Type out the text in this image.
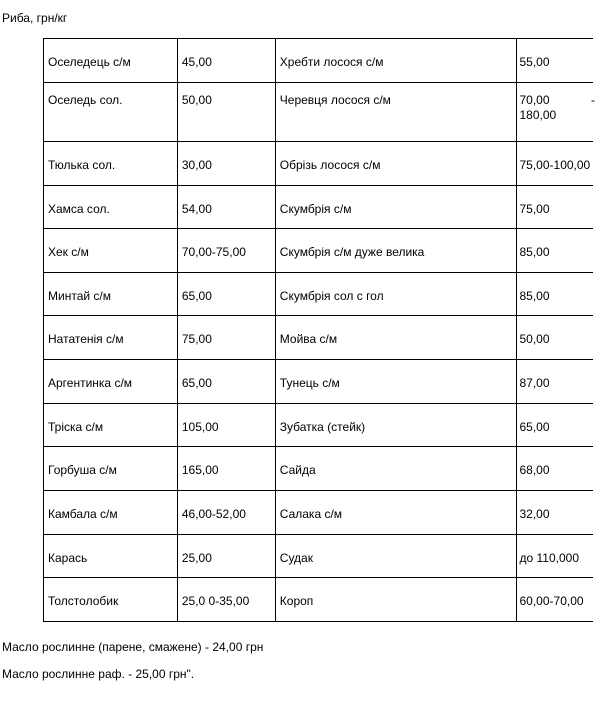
Риба, грн/кг
Оселедець с/м	45,00	Хребти лосося с/м	55,00

Оселедь сол.	50,00	Черевця лосося с/м	70,00 -

180,00

Тюлька сол.	30,00	Обрізь лосося с/м	75,00-100,00

Хамса сол.	54,00	Скумбрія с/м	75,00

Хек с/м	70,00-75,00	Скумбрія с/м дуже велика	85,00

Минтай с/м	65,00	Скумбрія сол с гол	85,00

Нататенія с/м	75,00	Мойва с/м	50,00

Аргентинка с/м	65,00	Тунець с/м	87,00

Тріска с/м	105,00	Зубатка (стейк)	65,00

Горбуша с/м	165,00	Сайда	68,00

Камбала с/м	46,00-52,00	Салака с/м	32,00

Карась	25,00	Судак	до 110,000

Толстолобик	25,0 0-35,00	Короп	60,00-70,00
Масло рослинне (парене, смажене) - 24,00 грн
Масло рослинне раф. - 25,00 грн".
